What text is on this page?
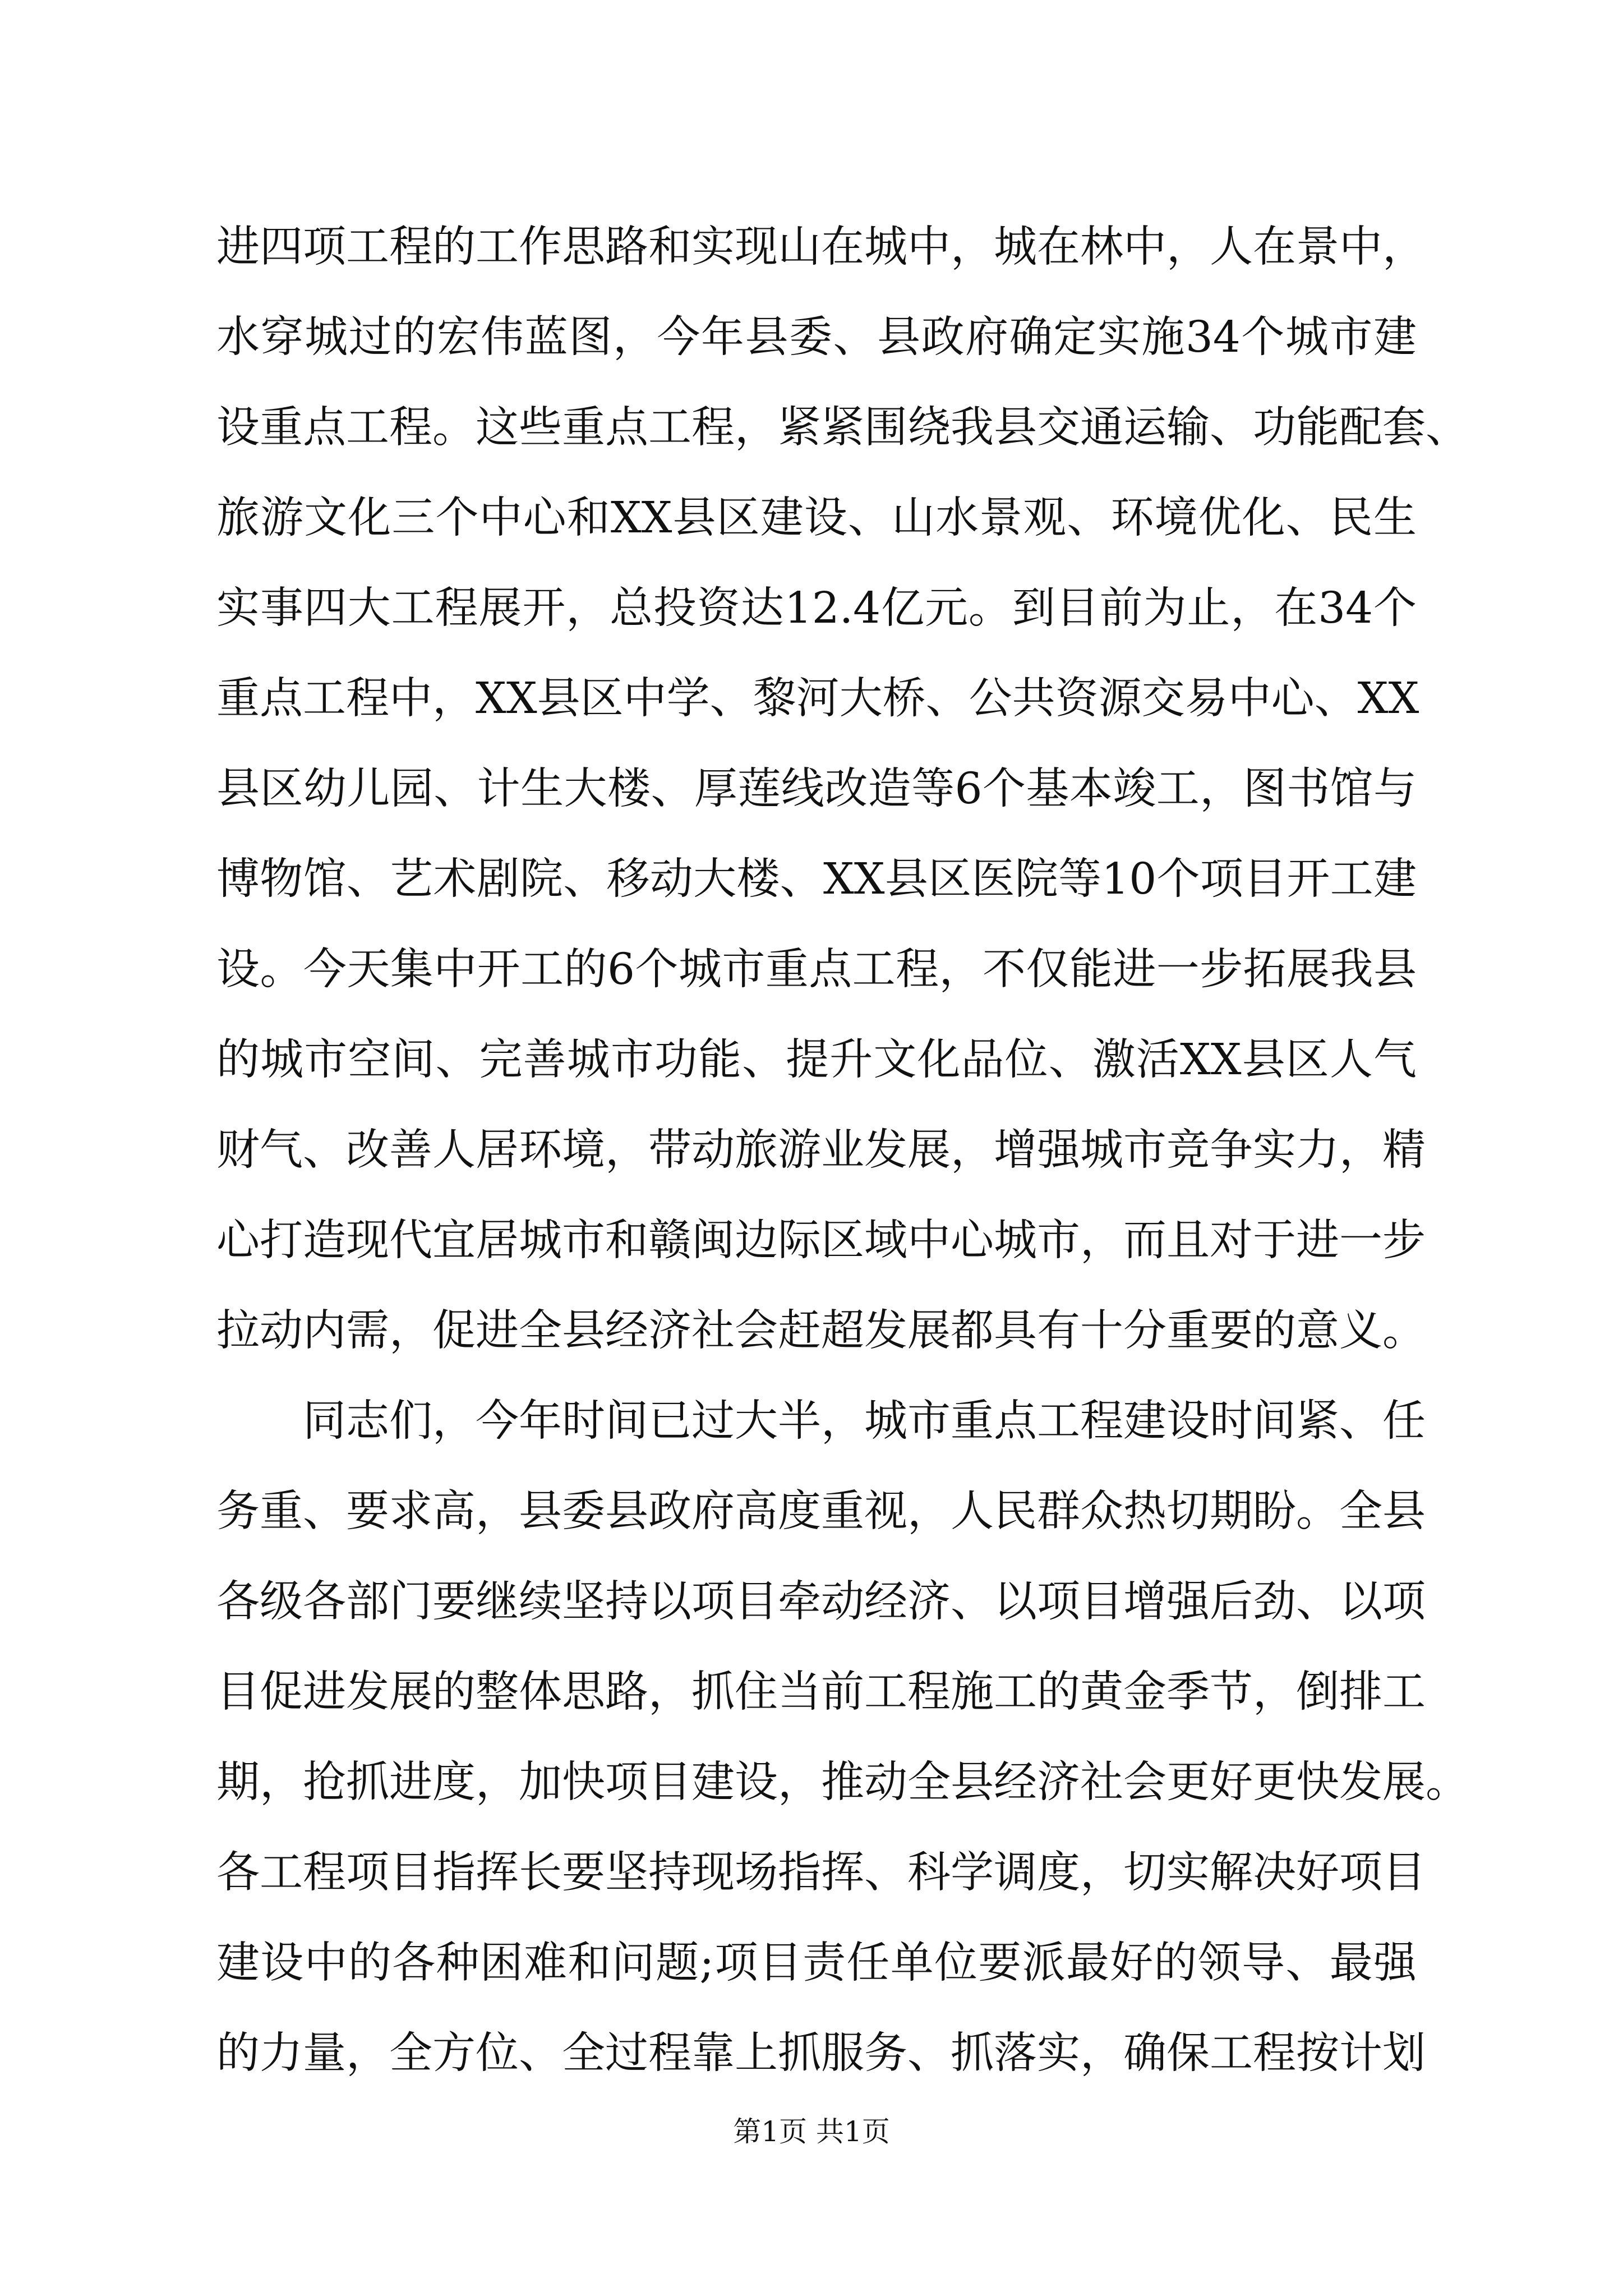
进四项工程的工作思路和实现山在城中，城在林中，人在景中，
水穿城过的宏伟蓝图，今年县委、县政府确定实施34个城市建
设重点工程。这些重点工程，紧紧围绕我县交通运输、功能配套、
旅游文化三个中心和XX县区建设、山水景观、环境优化、民生
实事四大工程展开，总投资达12.4亿元。到目前为止，在34个
重点工程中，XX县区中学、黎河大桥、公共资源交易中心、XX
县区幼儿园、计生大楼、厚莲线改造等6个基本竣工，图书馆与
博物馆、艺术剧院、移动大楼、XX县区医院等10个项目开工建
设。今天集中开工的6个城市重点工程，不仅能进一步拓展我县
的城市空间、完善城市功能、提升文化品位、激活XX县区人气
财气、改善人居环境，带动旅游业发展，增强城市竞争实力，精
心打造现代宜居城市和赣闽边际区域中心城市，而且对于进一步
拉动内需，促进全县经济社会赶超发展都具有十分重要的意义。
同志们，今年时间已过大半，城市重点工程建设时间紧、任
务重、要求高，县委县政府高度重视，人民群众热切期盼。全县
各级各部门要继续坚持以项目牵动经济、以项目增强后劲、以项
目促进发展的整体思路，抓住当前工程施工的黄金季节，倒排工
期，抢抓进度，加快项目建设，推动全县经济社会更好更快发展。
各工程项目指挥长要坚持现场指挥、科学调度，切实解决好项目
建设中的各种困难和问题;项目责任单位要派最好的领导、最强
的力量，全方位、全过程靠上抓服务、抓落实，确保工程按计划
第1页 共1页
